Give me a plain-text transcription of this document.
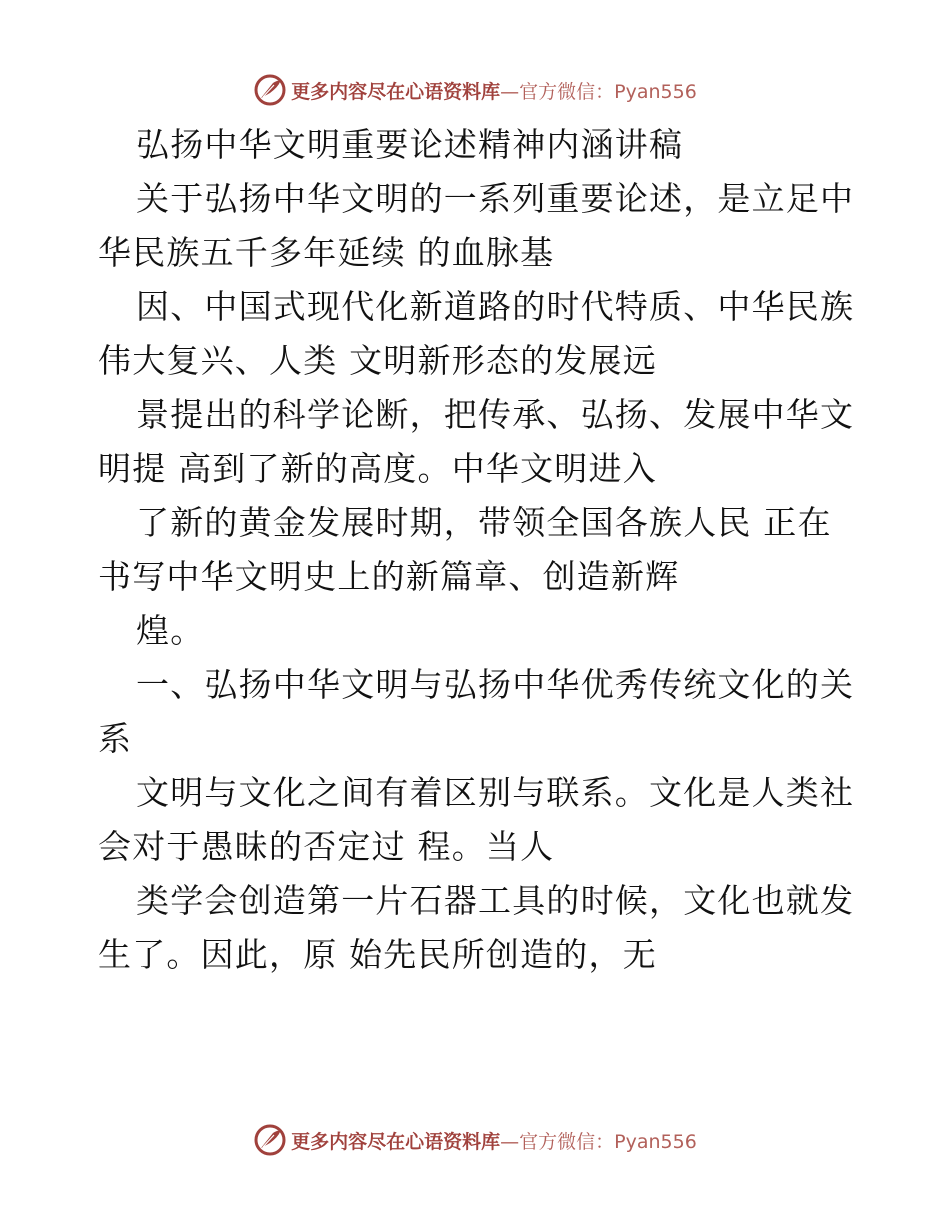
更多内容尽在心语资料库 —官方微信：Pyan556
弘扬中华文明重要论述精神内涵讲稿
关于弘扬中华文明的一系列重要论述，是立足中
华民族五千多年延续 的血脉基
因、中国式现代化新道路的时代特质、中华民族
伟大复兴、人类 文明新形态的发展远
景提出的科学论断，把传承、弘扬、发展中华文
明提 高到了新的高度。中华文明进入
了新的黄金发展时期，带领全国各族人民 正在
书写中华文明史上的新篇章、创造新辉
煌。
一、弘扬中华文明与弘扬中华优秀传统文化的关
系
文明与文化之间有着区别与联系。文化是人类社
会对于愚昧的否定过 程。当人
类学会创造第一片石器工具的时候，文化也就发
生了。因此，原 始先民所创造的，无
更多内容尽在心语资料库 —官方微信：Pyan556
